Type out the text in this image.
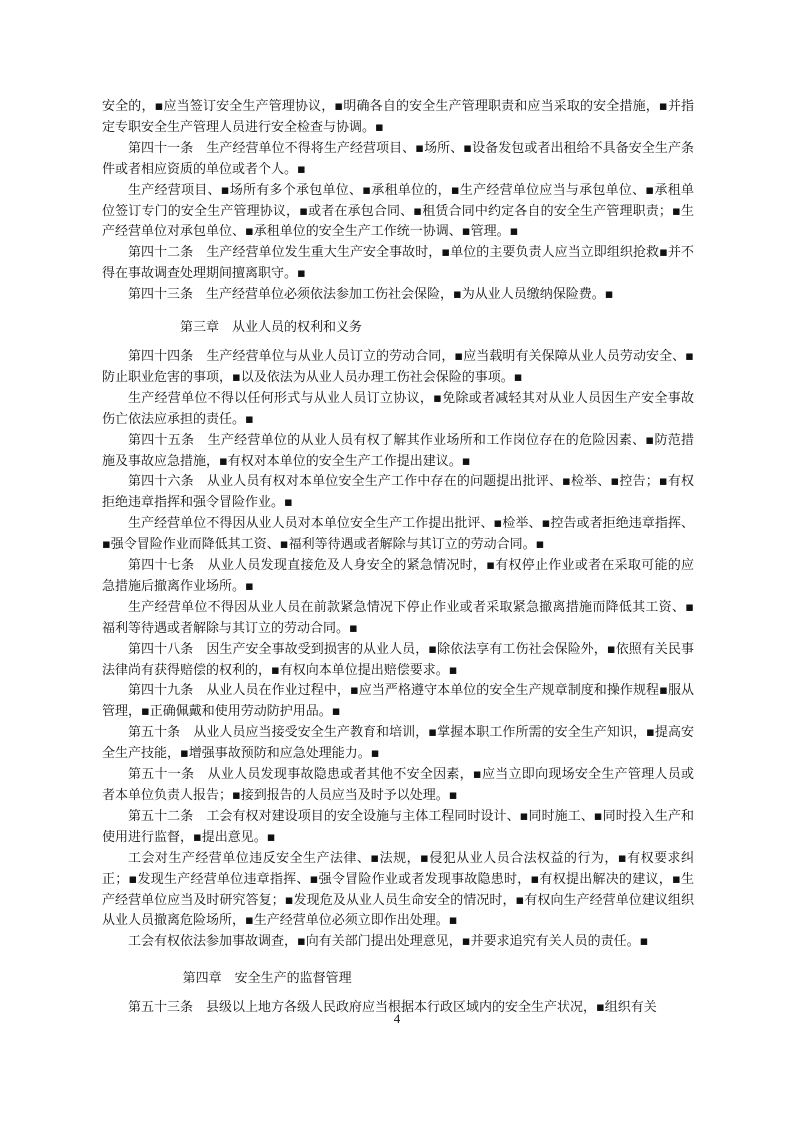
安全的，▪应当签订安全生产管理协议，▪明确各自的安全生产管理职责和应当采取的安全措施，▪并指定专职安全生产管理人员进行安全检查与协调。▪

第四十一条　生产经营单位不得将生产经营项目、▪场所、▪设备发包或者出租给不具备安全生产条件或者相应资质的单位或者个人。▪

生产经营项目、▪场所有多个承包单位、▪承租单位的，▪生产经营单位应当与承包单位、▪承租单位签订专门的安全生产管理协议，▪或者在承包合同、▪租赁合同中约定各自的安全生产管理职责；▪生产经营单位对承包单位、▪承租单位的安全生产工作统一协调、▪管理。▪

第四十二条　生产经营单位发生重大生产安全事故时，▪单位的主要负责人应当立即组织抢救▪并不得在事故调查处理期间擅离职守。▪

第四十三条　生产经营单位必须依法参加工伤社会保险，▪为从业人员缴纳保险费。▪

第三章　从业人员的权利和义务

第四十四条　生产经营单位与从业人员订立的劳动合同，▪应当载明有关保障从业人员劳动安全、▪防止职业危害的事项，▪以及依法为从业人员办理工伤社会保险的事项。▪

生产经营单位不得以任何形式与从业人员订立协议，▪免除或者减轻其对从业人员因生产安全事故伤亡依法应承担的责任。▪

第四十五条　生产经营单位的从业人员有权了解其作业场所和工作岗位存在的危险因素、▪防范措施及事故应急措施，▪有权对本单位的安全生产工作提出建议。▪

第四十六条　从业人员有权对本单位安全生产工作中存在的问题提出批评、▪检举、▪控告；▪有权拒绝违章指挥和强令冒险作业。▪

生产经营单位不得因从业人员对本单位安全生产工作提出批评、▪检举、▪控告或者拒绝违章指挥、▪强令冒险作业而降低其工资、▪福利等待遇或者解除与其订立的劳动合同。▪

第四十七条　从业人员发现直接危及人身安全的紧急情况时，▪有权停止作业或者在采取可能的应急措施后撤离作业场所。▪

生产经营单位不得因从业人员在前款紧急情况下停止作业或者采取紧急撤离措施而降低其工资、▪福利等待遇或者解除与其订立的劳动合同。▪

第四十八条　因生产安全事故受到损害的从业人员，▪除依法享有工伤社会保险外，▪依照有关民事法律尚有获得赔偿的权利的，▪有权向本单位提出赔偿要求。▪

第四十九条　从业人员在作业过程中，▪应当严格遵守本单位的安全生产规章制度和操作规程▪服从管理，▪正确佩戴和使用劳动防护用品。▪

第五十条　从业人员应当接受安全生产教育和培训，▪掌握本职工作所需的安全生产知识，▪提高安全生产技能，▪增强事故预防和应急处理能力。▪

第五十一条　从业人员发现事故隐患或者其他不安全因素，▪应当立即向现场安全生产管理人员或者本单位负责人报告；▪接到报告的人员应当及时予以处理。▪

第五十二条　工会有权对建设项目的安全设施与主体工程同时设计、▪同时施工、▪同时投入生产和使用进行监督，▪提出意见。▪

工会对生产经营单位违反安全生产法律、▪法规，▪侵犯从业人员合法权益的行为，▪有权要求纠正；▪发现生产经营单位违章指挥、▪强令冒险作业或者发现事故隐患时，▪有权提出解决的建议，▪生产经营单位应当及时研究答复；▪发现危及从业人员生命安全的情况时，▪有权向生产经营单位建议组织从业人员撤离危险场所，▪生产经营单位必须立即作出处理。▪

工会有权依法参加事故调查，▪向有关部门提出处理意见，▪并要求追究有关人员的责任。▪

第四章　安全生产的监督管理

第五十三条　县级以上地方各级人民政府应当根据本行政区域内的安全生产状况，▪组织有关

4
